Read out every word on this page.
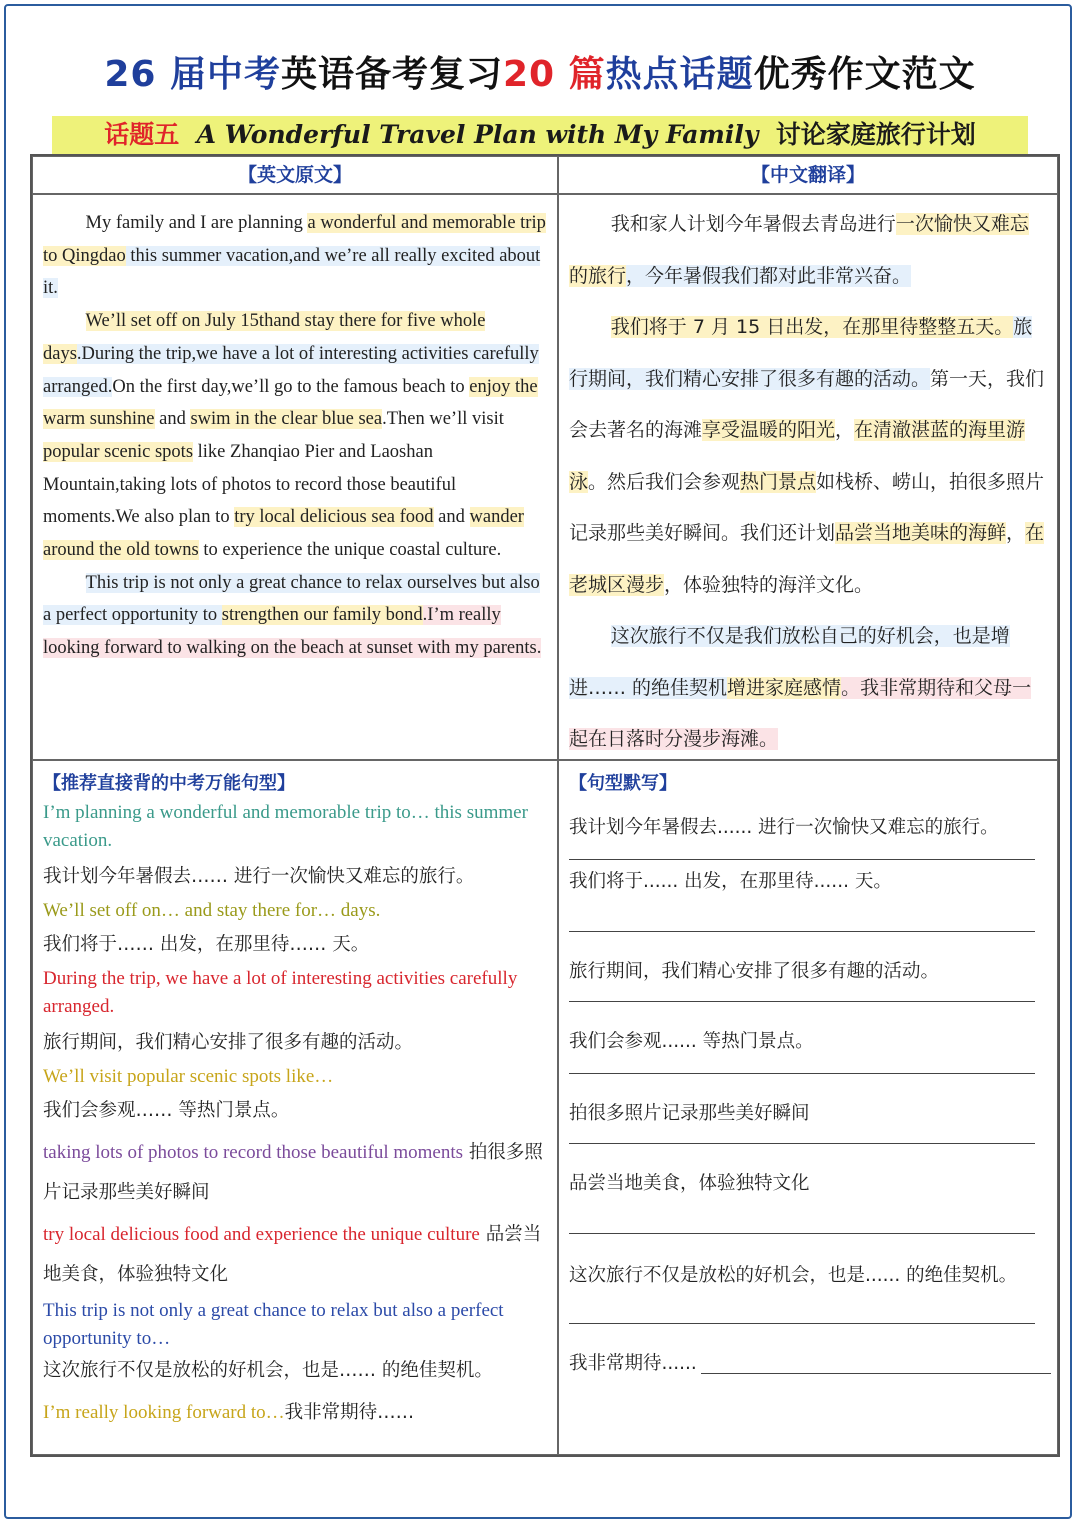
26 届中考英语备考复习20 篇热点话题优秀作文范文
话题五 A Wonderful Travel Plan with My Family 讨论家庭旅行计划
【英文原文】	【中文翻译】

My family and I are planning a wonderful and memorable trip to Qingdao this summer vacation,and we’re all really excited about it.

We’ll set off on July 15thand stay there for five whole days.During the trip,we have a lot of interesting activities carefully arranged.On the first day,we’ll go to the famous beach to enjoy the warm sunshine and swim in the clear blue sea.Then we’ll visit popular scenic spots like Zhanqiao Pier and Laoshan Mountain,taking lots of photos to record those beautiful moments.We also plan to try local delicious sea food and wander around the old towns to experience the unique coastal culture.

This trip is not only a great chance to relax ourselves but also a perfect opportunity to strengthen our family bond.I’m really looking forward to walking on the beach at sunset with my parents.

我和家人计划今年暑假去青岛进行一次愉快又难忘的旅行，今年暑假我们都对此非常兴奋。

我们将于 7 月 15 日出发，在那里待整整五天。旅行期间，我们精心安排了很多有趣的活动。第一天，我们会去著名的海滩享受温暖的阳光，在清澈湛蓝的海里游泳。然后我们会参观热门景点如栈桥、崂山，拍很多照片记录那些美好瞬间。我们还计划品尝当地美味的海鲜，在老城区漫步，体验独特的海洋文化。

这次旅行不仅是我们放松自己的好机会，也是增进…… 的绝佳契机增进家庭感情。我非常期待和父母一起在日落时分漫步海滩。

【推荐直接背的中考万能句型】
I’m planning a wonderful and memorable trip to… this summer vacation.
我计划今年暑假去…… 进行一次愉快又难忘的旅行。
We’ll set off on… and stay there for… days.
我们将于…… 出发，在那里待…… 天。
During the trip, we have a lot of interesting activities carefully arranged.
旅行期间，我们精心安排了很多有趣的活动。
We’ll visit popular scenic spots like…
我们会参观…… 等热门景点。
taking lots of photos to record those beautiful moments 拍很多照片记录那些美好瞬间
try local delicious food and experience the unique culture 品尝当地美食，体验独特文化
This trip is not only a great chance to relax but also a perfect opportunity to…
这次旅行不仅是放松的好机会，也是…… 的绝佳契机。
I’m really looking forward to…我非常期待……
【句型默写】
我计划今年暑假去...... 进行一次愉快又难忘的旅行。
我们将于...... 出发，在那里待...... 天。
旅行期间，我们精心安排了很多有趣的活动。
我们会参观...... 等热门景点。
拍很多照片记录那些美好瞬间
品尝当地美食，体验独特文化
这次旅行不仅是放松的好机会，也是...... 的绝佳契机。
我非常期待......
